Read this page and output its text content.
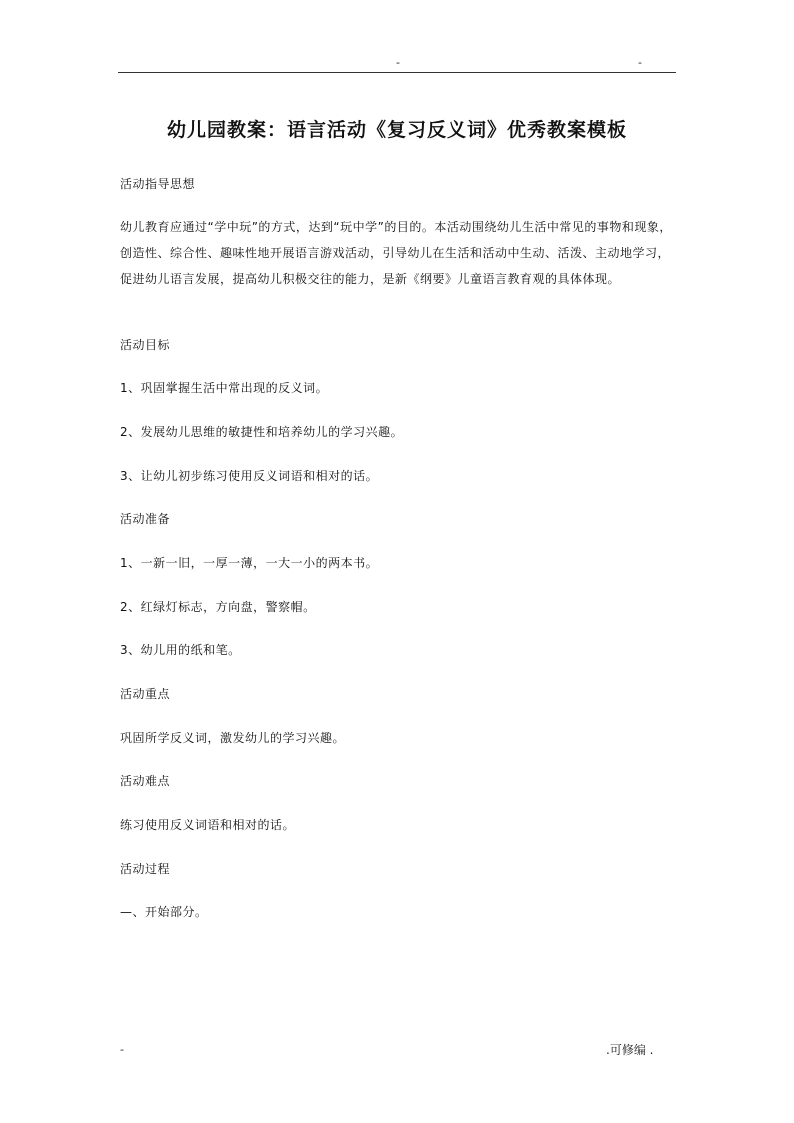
-	-
幼儿园教案：语言活动《复习反义词》优秀教案模板

活动指导思想

幼儿教育应通过“学中玩”的方式，达到“玩中学”的目的。本活动围绕幼儿生活中常见的事物和现象，创造性、综合性、趣味性地开展语言游戏活动，引导幼儿在生活和活动中生动、活泼、主动地学习，促进幼儿语言发展，提高幼儿积极交往的能力，是新《纲要》儿童语言教育观的具体体现。

活动目标

1、巩固掌握生活中常出现的反义词。

2、发展幼儿思维的敏捷性和培养幼儿的学习兴趣。

3、让幼儿初步练习使用反义词语和相对的话。

活动准备

1、一新一旧，一厚一薄，一大一小的两本书。

2、红绿灯标志，方向盘，警察帽。

3、幼儿用的纸和笔。

活动重点

巩固所学反义词，激发幼儿的学习兴趣。

活动难点

练习使用反义词语和相对的话。

活动过程

—、开始部分。

-	.可修编 .
